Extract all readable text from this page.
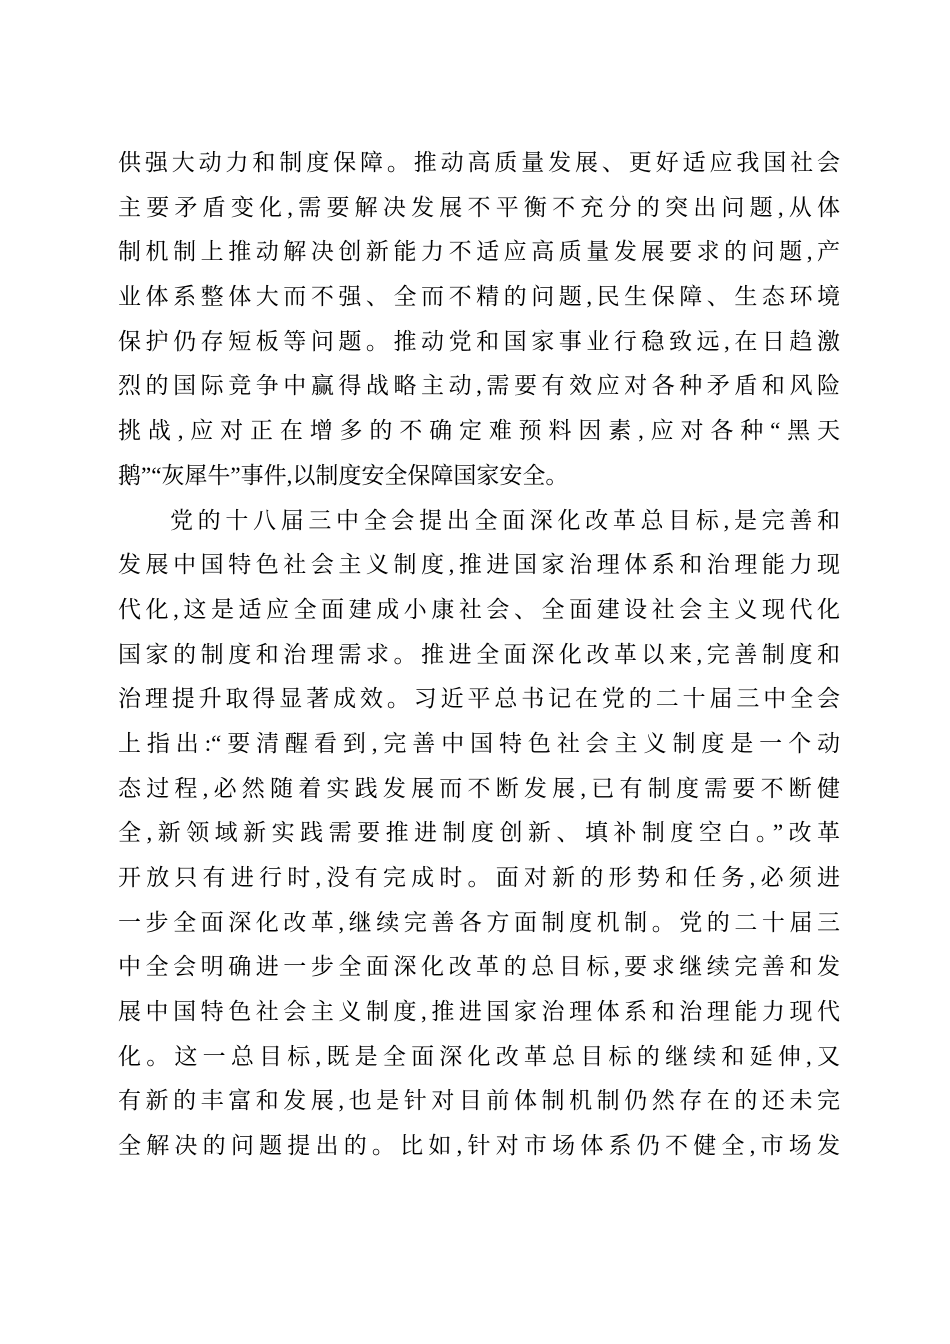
供强大动力和制度保障。推动高质量发展、更好适应我国社会
主要矛盾变化,需要解决发展不平衡不充分的突出问题,从体
制机制上推动解决创新能力不适应高质量发展要求的问题,产
业体系整体大而不强、全而不精的问题,民生保障、生态环境
保护仍存短板等问题。推动党和国家事业行稳致远,在日趋激
烈的国际竞争中赢得战略主动,需要有效应对各种矛盾和风险
挑战,应对正在增多的不确定难预料因素,应对各种“黑天
鹅”“灰犀牛”事件,以制度安全保障国家安全。
党的十八届三中全会提出全面深化改革总目标,是完善和
发展中国特色社会主义制度,推进国家治理体系和治理能力现
代化,这是适应全面建成小康社会、全面建设社会主义现代化
国家的制度和治理需求。推进全面深化改革以来,完善制度和
治理提升取得显著成效。习近平总书记在党的二十届三中全会
上指出:“要清醒看到,完善中国特色社会主义制度是一个动
态过程,必然随着实践发展而不断发展,已有制度需要不断健
全,新领域新实践需要推进制度创新、填补制度空白。”改革
开放只有进行时,没有完成时。面对新的形势和任务,必须进
一步全面深化改革,继续完善各方面制度机制。党的二十届三
中全会明确进一步全面深化改革的总目标,要求继续完善和发
展中国特色社会主义制度,推进国家治理体系和治理能力现代
化。这一总目标,既是全面深化改革总目标的继续和延伸,又
有新的丰富和发展,也是针对目前体制机制仍然存在的还未完
全解决的问题提出的。比如,针对市场体系仍不健全,市场发
